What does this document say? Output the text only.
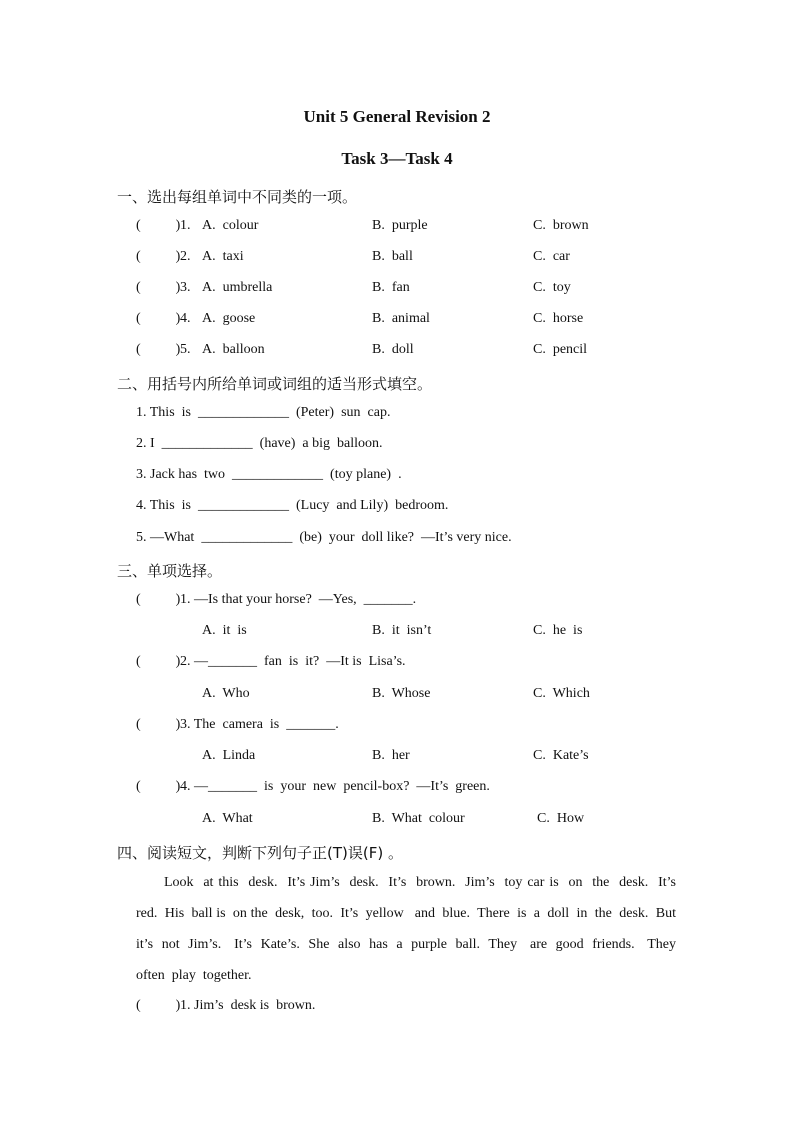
Unit 5 General Revision 2
Task 3—Task 4
一、选出每组单词中不同类的一项。
(          ) 1. A.  colour	B.  purple	C.  brown
(          ) 2. A.  taxi	B.  ball	C.  car
(          ) 3. A.  umbrella	B.  fan	C.  toy
(          ) 4. A.  goose	B.  animal	C.  horse
(          ) 5. A.  balloon	B.  doll	C.  pencil
二、用括号内所给单词或词组的适当形式填空。
1. This  is  _____________  (Peter)  sun  cap.
2. I  _____________  (have)  a big  balloon.
3. Jack has  two  _____________  (toy plane)  .
4. This  is  _____________  (Lucy  and Lily)  bedroom.
5. —What  _____________  (be)  your  doll like?  —It’s very nice.
三、单项选择。
(          ) 1. —Is that your horse?  —Yes,  _______.
A.  it  is	B.  it  isn’t	C.  he  is
(          ) 2. —_______  fan  is  it?  —It is  Lisa’s.
A.  Who	B.  Whose	C.  Which
(          ) 3. The  camera  is  _______.
A.  Linda	B.  her	C.  Kate’s
(          ) 4. —_______  is  your  new  pencil-box?  —It’s  green.
A.  What	B.  What  colour	C.  How
四、阅读短文，判断下列句子正(T)误(F) 。
Look  at this  desk.  It’s Jim’s  desk.  It’s  brown.  Jim’s  toy car is  on  the  desk.  It’s
red.  His  ball is  on the  desk,  too.  It’s  yellow   and  blue.  There  is  a  doll  in  the  desk.  But
it’s  not  Jim’s.   It’s  Kate’s.  She  also  has  a  purple  ball.  They   are  good  friends.   They
often  play  together.
(          ) 1. Jim’s  desk is  brown.
